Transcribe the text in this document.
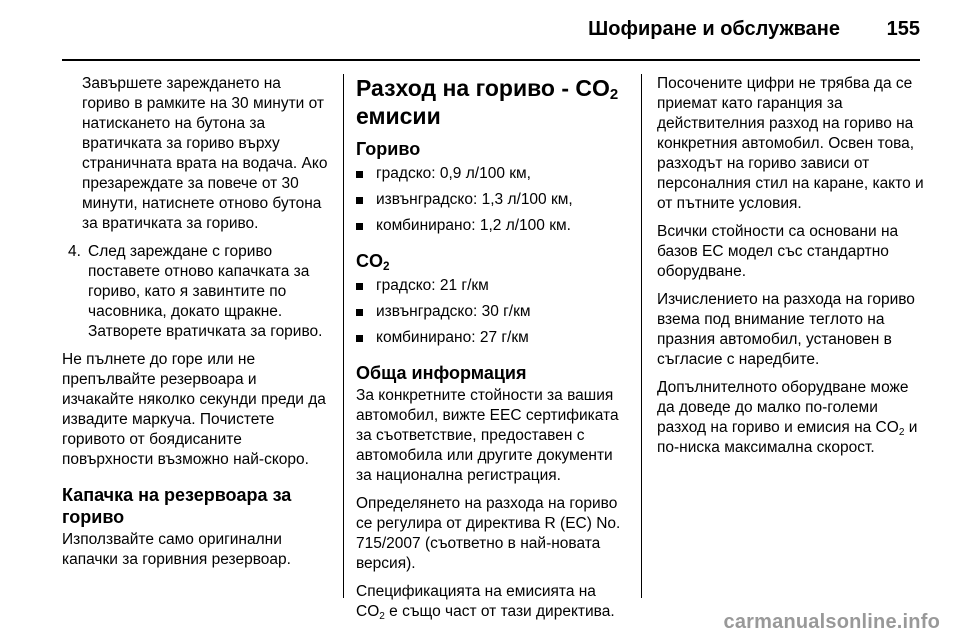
Шофиране и обслужване 155

Завършете зареждането на гориво в рамките на 30 минути от натискането на бутона за вратичката за гориво върху страничната врата на водача. Ако презареждате за повече от 30 минути, натиснете отново бутона за вратичката за гориво.

4. След зареждане с гориво поставете отново капачката за гориво, като я завинтите по часовника, докато щракне. Затворете вратичката за гориво.

Не пълнете до горе или не препълвайте резервоара и изчакайте няколко секунди преди да извадите маркуча. Почистете горивото от боядисаните повърхности възможно най-скоро.

Капачка на резервоара за гориво

Използвайте само оригинални капачки за горивния резервоар.

Разход на гориво - $CO_2$
емисии
Гориво
градско: 0,9 л/100 км,
извънградско: 1,3 л/100 км,
комбинирано: 1,2 л/100 км.
$CO_2$
градско: 21 г/км
извънградско: 30 г/км
комбинирано: 27 г/км
Обща информация

За конкретните стойности за вашия автомобил, вижте ЕЕС сертификата за съответствие, предоставен с автомобила или другите документи за национална регистрация.

Определянето на разхода на гориво се регулира от директива R (EC) No. 715/2007 (съответно в най-новата версия).

Спецификацията на емисията на $CO_2$ е също част от тази директива.

Посочените цифри не трябва да се приемат като гаранция за действителния разход на гориво на конкретния автомобил. Освен това, разходът на гориво зависи от персоналния стил на каране, както и от пътните условия.

Всички стойности са основани на базов ЕС модел със стандартно оборудване.

Изчислението на разхода на гориво взема под внимание теглото на празния автомобил, установен в съгласие с наредбите.

Допълнителното оборудване може да доведе до малко по-големи разход на гориво и емисия на $CO_2$ и по-ниска максимална скорост.

carmanualsonline.info
